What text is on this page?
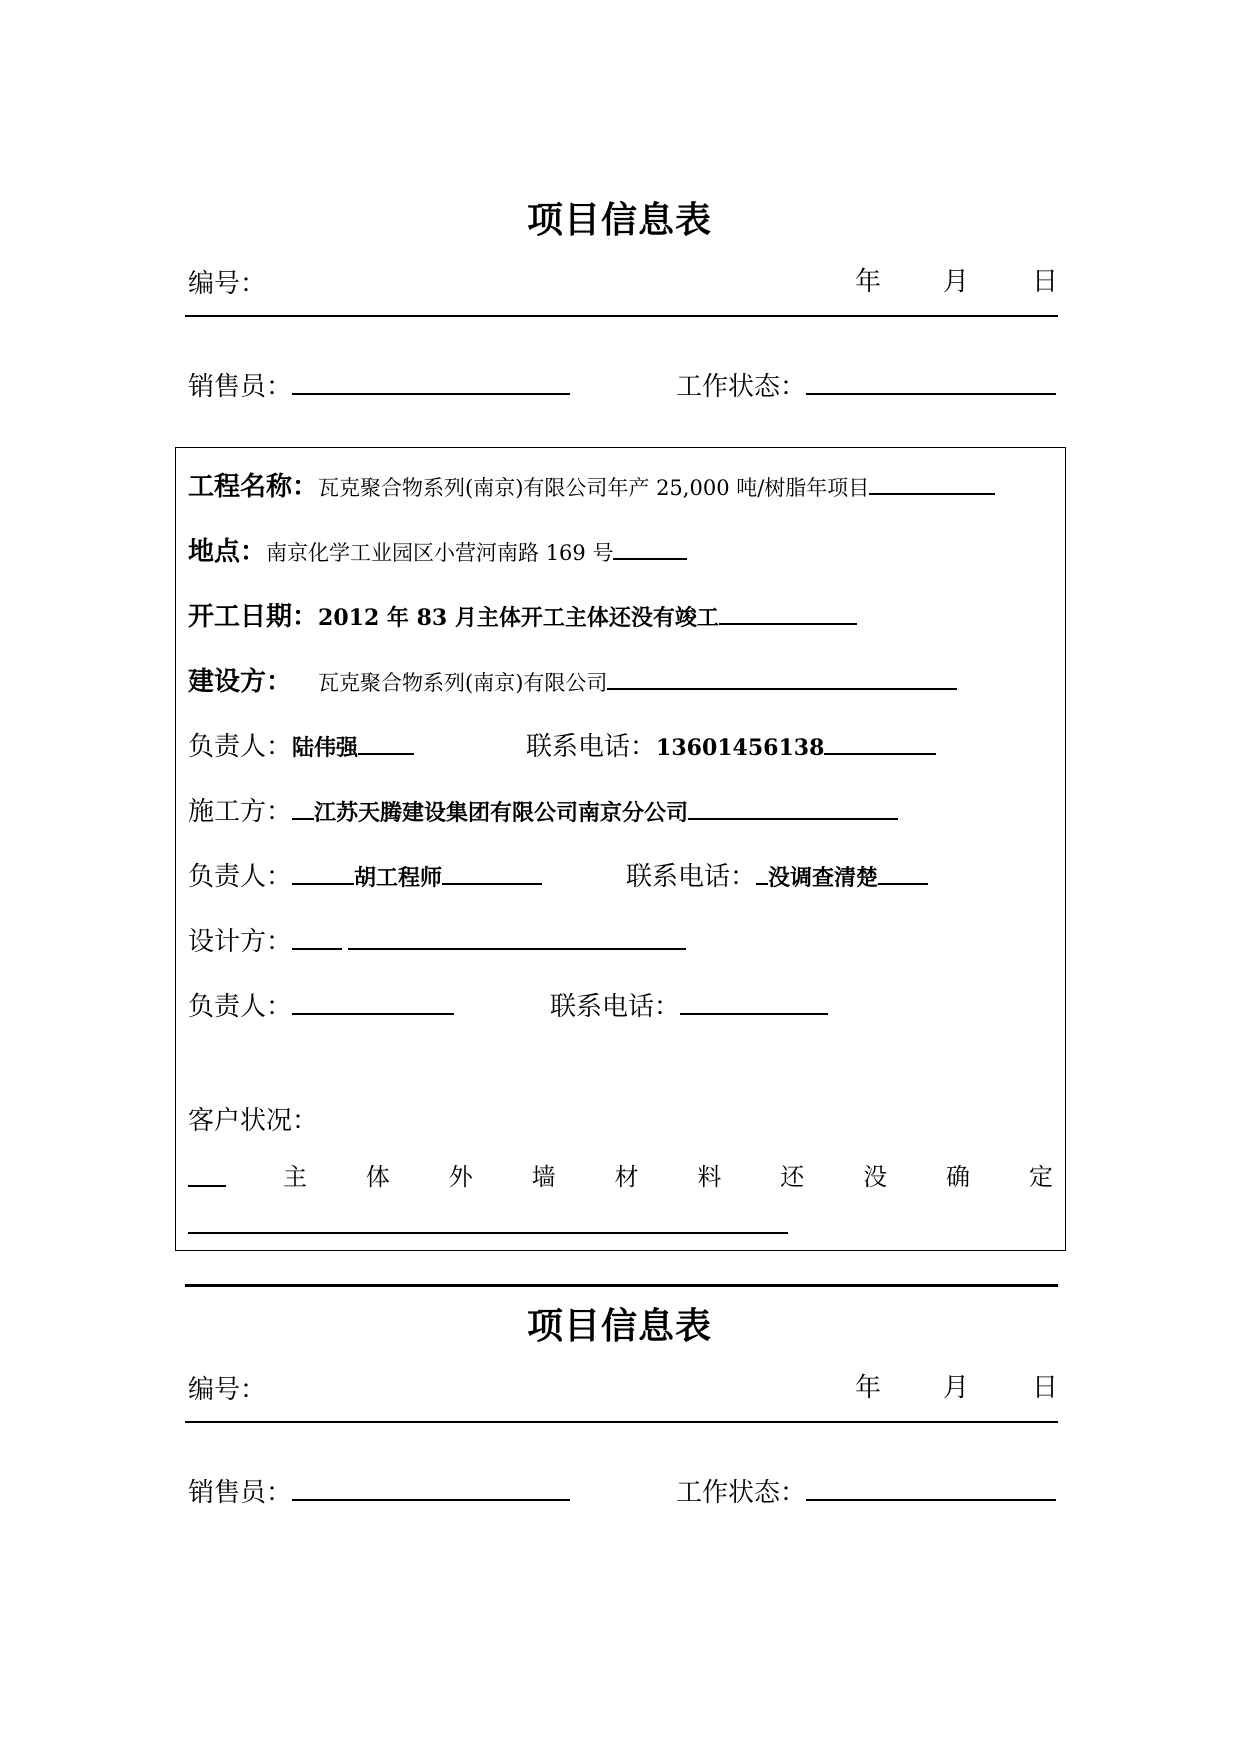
项目信息表
编号：	年 月 日
销售员：	工作状态：
工程名称：瓦克聚合物系列(南京)有限公司年产 25,000 吨/树脂年项目
地点：南京化学工业园区小营河南路 169 号
开工日期：2012 年 83 月主体开工主体还没有竣工
建设方： 瓦克聚合物系列(南京)有限公司
负责人：陆伟强	联系电话：13601456138
施工方： 江苏天腾建设集团有限公司南京分公司
负责人：	胡工程师	联系电话： 没调查清楚
设计方：
负责人：	联系电话：
客户状况：
主 体 外 墙 材 料 还 没 确 定
项目信息表
编号：	年 月 日
销售员：	工作状态：
